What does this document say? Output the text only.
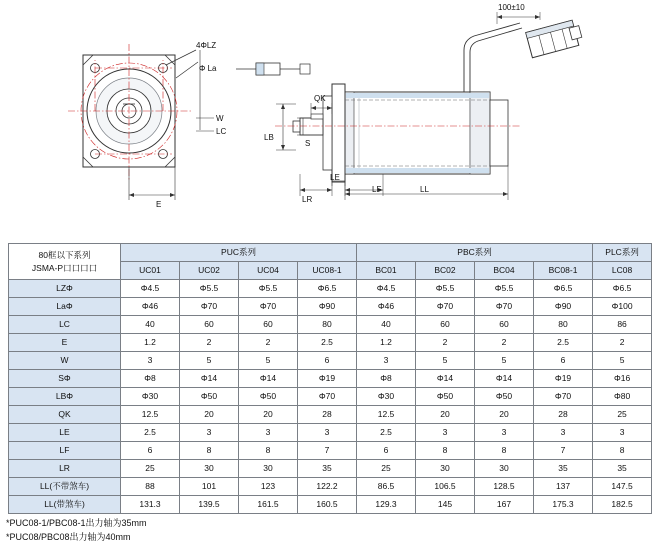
4ΦLZ
Φ La
W
LC
E
LB
S
QK
LR
LE
LF	LL
100±10
80框以下系列
JSMA-P口口口口	PUC系列				PBC系列				PLC系列
	UC01	UC02	UC04	UC08-1	BC01	BC02	BC04	BC08-1	LC08
LZΦ	Φ4.5	Φ5.5	Φ5.5	Φ6.5	Φ4.5	Φ5.5	Φ5.5	Φ6.5	Φ6.5
LaΦ	Φ46	Φ70	Φ70	Φ90	Φ46	Φ70	Φ70	Φ90	Φ100
LC	40	60	60	80	40	60	60	80	86
E	1.2	2	2	2.5	1.2	2	2	2.5	2
W	3	5	5	6	3	5	5	6	5
SΦ	Φ8	Φ14	Φ14	Φ19	Φ8	Φ14	Φ14	Φ19	Φ16
LBΦ	Φ30	Φ50	Φ50	Φ70	Φ30	Φ50	Φ50	Φ70	Φ80
QK	12.5	20	20	28	12.5	20	20	28	25
LE	2.5	3	3	3	2.5	3	3	3	3
LF	6	8	8	7	6	8	8	7	8
LR	25	30	30	35	25	30	30	35	35
LL(不带煞车)	88	101	123	122.2	86.5	106.5	128.5	137	147.5
LL(带煞车)	131.3	139.5	161.5	160.5	129.3	145	167	175.3	182.5
*PUC08-1/PBC08-1出力轴为35mm
*PUC08/PBC08出力轴为40mm
